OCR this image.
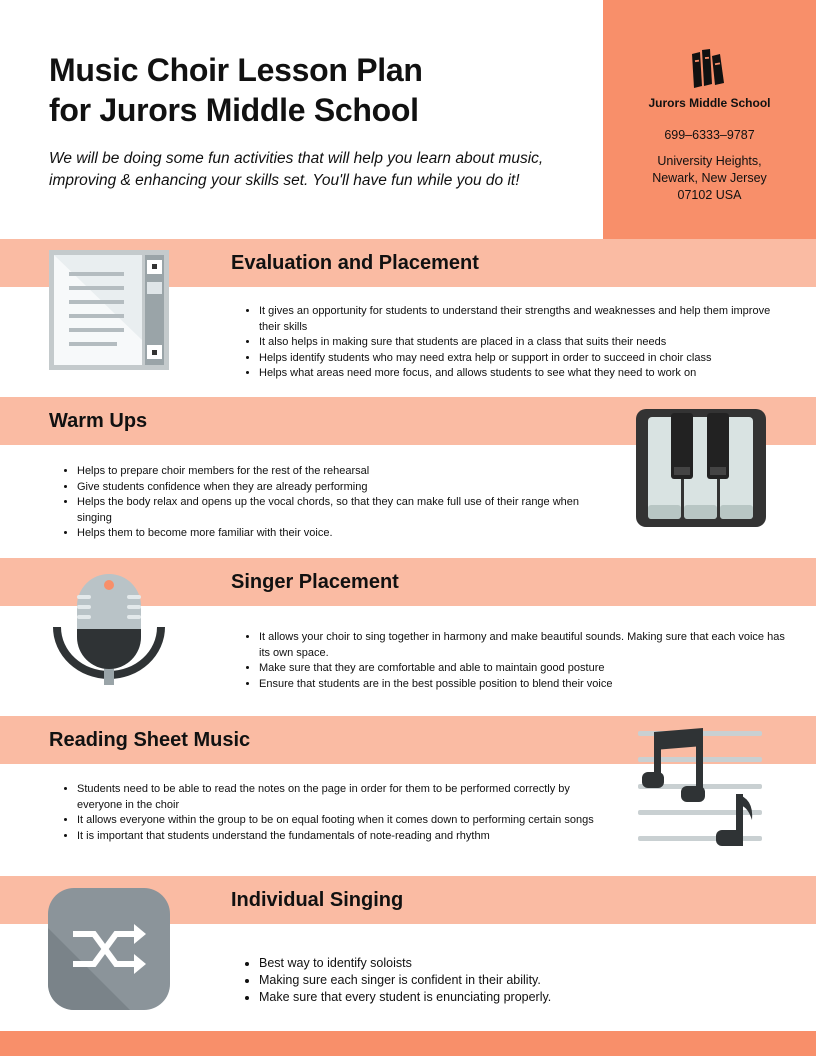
Music Choir Lesson Plan
for Jurors Middle School

We will be doing some fun activities that will help you learn about music, improving & enhancing your skills set. You'll have fun while you do it!

Jurors Middle School
699–6333–9787
University Heights,
Newark, New Jersey
07102 USA
Evaluation and Placement
• It gives an opportunity for students to understand their strengths and weaknesses and help them improve their skills
• It also helps in making sure that students are placed in a class that suits their needs
• Helps identify students who may need extra help or support in order to succeed in choir class
• Helps what areas need more focus, and allows students to see what they need to work on
Warm Ups
• Helps to prepare choir members for the rest of the rehearsal
• Give students confidence when they are already performing
• Helps the body relax and opens up the vocal chords, so that they can make full use of their range when singing
• Helps them to become more familiar with their voice.
Singer Placement
• It allows your choir to sing together in harmony and make beautiful sounds. Making sure that each voice has its own space.
• Make sure that they are comfortable and able to maintain good posture
• Ensure that students are in the best possible position to blend their voice
Reading Sheet Music
• Students need to be able to read the notes on the page in order for them to be performed correctly by everyone in the choir
• It allows everyone within the group to be on equal footing when it comes down to performing certain songs
• It is important that students understand the fundamentals of note-reading and rhythm
Individual Singing
• Best way to identify soloists
• Making sure each singer is confident in their ability.
• Make sure that every student is enunciating properly.
